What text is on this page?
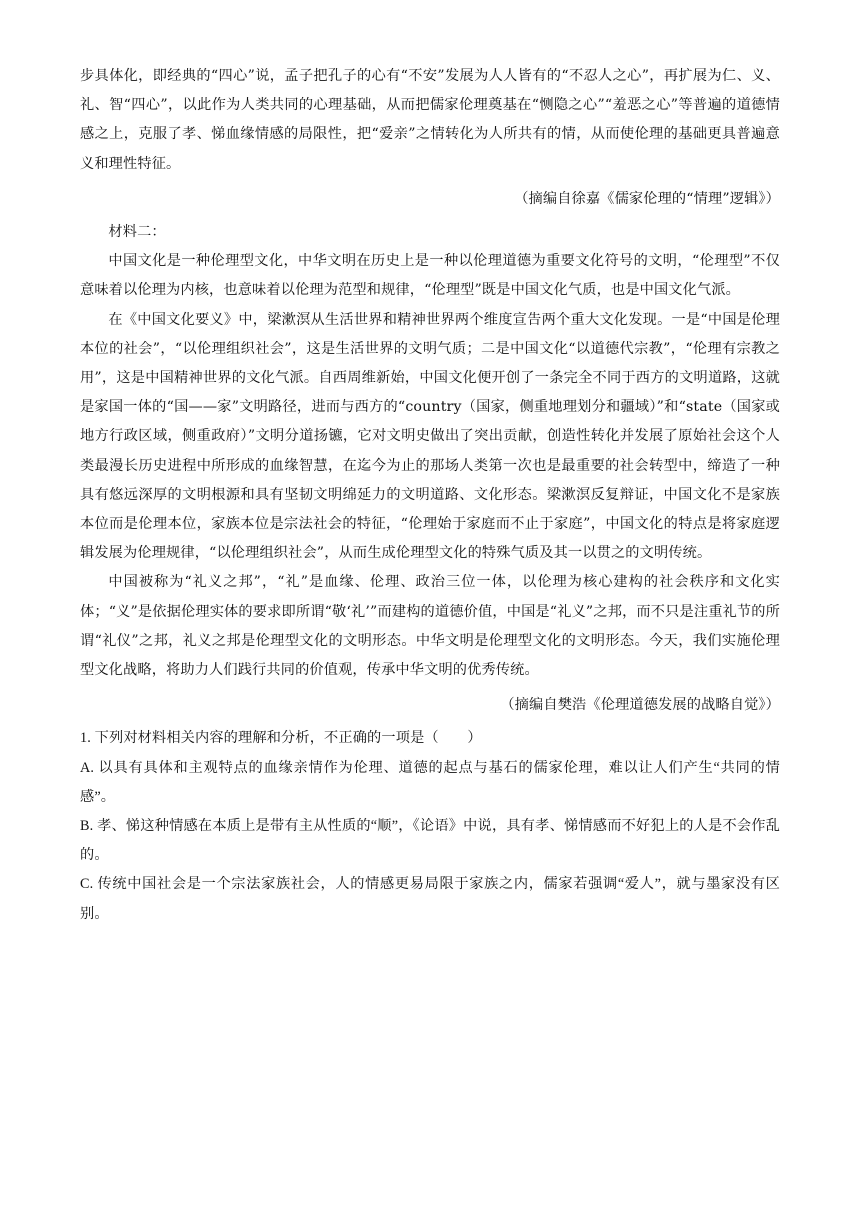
步具体化，即经典的“四心”说，孟子把孔子的心有“不安”发展为人人皆有的“不忍人之心”，再扩展为仁、义、礼、智“四心”，以此作为人类共同的心理基础，从而把儒家伦理奠基在“恻隐之心”“羞恶之心”等普遍的道德情感之上，克服了孝、悌血缘情感的局限性，把“爱亲”之情转化为人所共有的情，从而使伦理的基础更具普遍意义和理性特征。

（摘编自徐嘉《儒家伦理的“情理”逻辑》）

材料二：

中国文化是一种伦理型文化，中华文明在历史上是一种以伦理道德为重要文化符号的文明，“伦理型”不仅意味着以伦理为内核，也意味着以伦理为范型和规律，“伦理型”既是中国文化气质，也是中国文化气派。

在《中国文化要义》中，梁漱溟从生活世界和精神世界两个维度宣告两个重大文化发现。一是“中国是伦理本位的社会”，“以伦理组织社会”，这是生活世界的文明气质；二是中国文化“以道德代宗教”，“伦理有宗教之用”，这是中国精神世界的文化气派。自西周维新始，中国文化便开创了一条完全不同于西方的文明道路，这就是家国一体的“国——家”文明路径，进而与西方的“country（国家，侧重地理划分和疆域）”和“state（国家或地方行政区域，侧重政府）”文明分道扬镳，它对文明史做出了突出贡献，创造性转化并发展了原始社会这个人类最漫长历史进程中所形成的血缘智慧，在迄今为止的那场人类第一次也是最重要的社会转型中，缔造了一种具有悠远深厚的文明根源和具有坚韧文明绵延力的文明道路、文化形态。梁漱溟反复辩证，中国文化不是家族本位而是伦理本位，家族本位是宗法社会的特征，“伦理始于家庭而不止于家庭”，中国文化的特点是将家庭逻辑发展为伦理规律，“以伦理组织社会”，从而生成伦理型文化的特殊气质及其一以贯之的文明传统。

中国被称为“礼义之邦”，“礼”是血缘、伦理、政治三位一体，以伦理为核心建构的社会秩序和文化实体；“义”是依据伦理实体的要求即所谓“敬‘礼’”而建构的道德价值，中国是“礼义”之邦，而不只是注重礼节的所谓“礼仪”之邦，礼义之邦是伦理型文化的文明形态。中华文明是伦理型文化的文明形态。今天，我们实施伦理型文化战略，将助力人们践行共同的价值观，传承中华文明的优秀传统。

（摘编自樊浩《伦理道德发展的战略自觉》）

1. 下列对材料相关内容的理解和分析，不正确的一项是（　　）

A. 以具有具体和主观特点的血缘亲情作为伦理、道德的起点与基石的儒家伦理，难以让人们产生“共同的情感”。

B. 孝、悌这种情感在本质上是带有主从性质的“顺”，《论语》中说，具有孝、悌情感而不好犯上的人是不会作乱的。

C. 传统中国社会是一个宗法家族社会，人的情感更易局限于家族之内，儒家若强调“爱人”，就与墨家没有区别。
